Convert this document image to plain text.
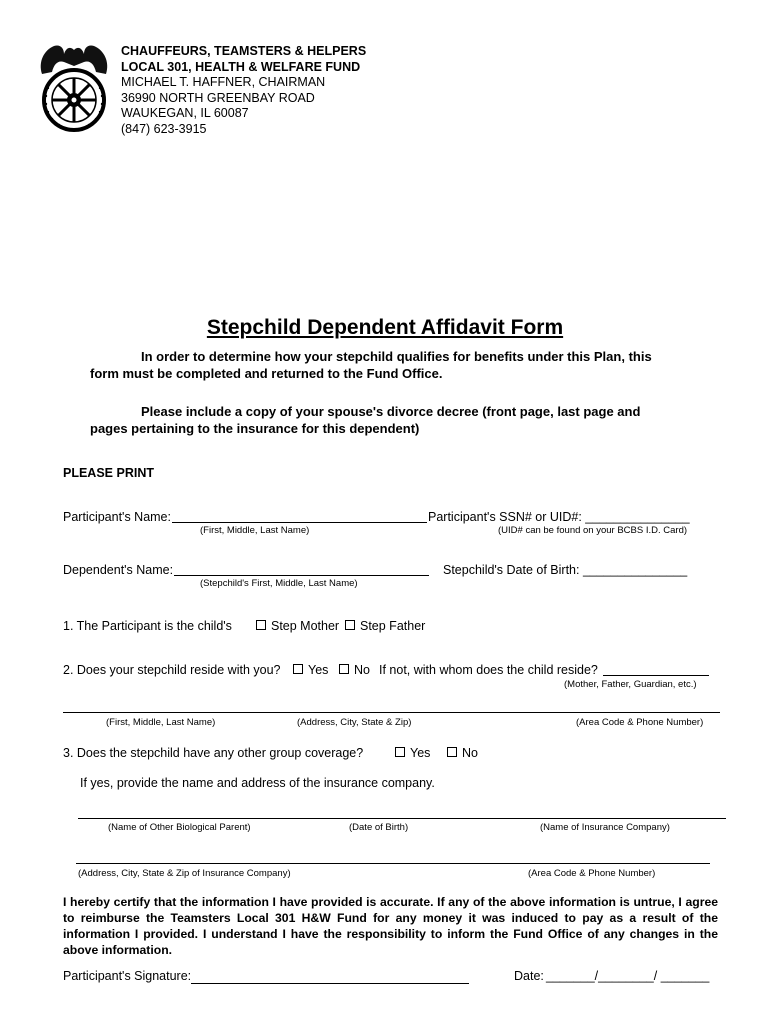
CHAUFFEURS, TEAMSTERS & HELPERS
LOCAL 301, HEALTH & WELFARE FUND
MICHAEL T. HAFFNER, CHAIRMAN
36990 NORTH GREENBAY ROAD
WAUKEGAN, IL 60087
(847) 623-3915
Stepchild Dependent Affidavit Form
In order to determine how your stepchild qualifies for benefits under this Plan, this
form must be completed and returned to the Fund Office.
Please include a copy of your spouse's divorce decree (front page, last page and
pages pertaining to the insurance for this dependent)
PLEASE PRINT
Participant's Name:
(First, Middle, Last Name)
Participant's SSN# or UID#: _______________
(UID# can be found on your BCBS I.D. Card)
Dependent's Name:
(Stepchild's First, Middle, Last Name)
Stepchild's Date of Birth: _______________
1. The Participant is the child's	Step Mother	Step Father
2. Does your stepchild reside with you?	Yes	No If not, with whom does the child reside?
(Mother, Father, Guardian, etc.)
(First, Middle, Last Name)	(Address, City, State & Zip)	(Area Code & Phone Number)
3. Does the stepchild have any other group coverage?	Yes	No
If yes, provide the name and address of the insurance company.
(Name of Other Biological Parent)	(Date of Birth)	(Name of Insurance Company)
(Address, City, State & Zip of Insurance Company)	(Area Code & Phone Number)
I hereby certify that the information I have provided is accurate. If any of the above information is untrue, I agree to reimburse the Teamsters Local 301 H&W Fund for any money it was induced to pay as a result of the information I provided. I understand I have the responsibility to inform the Fund Office of any changes in the above information.
Participant's Signature:	Date: _______/________/ _______
